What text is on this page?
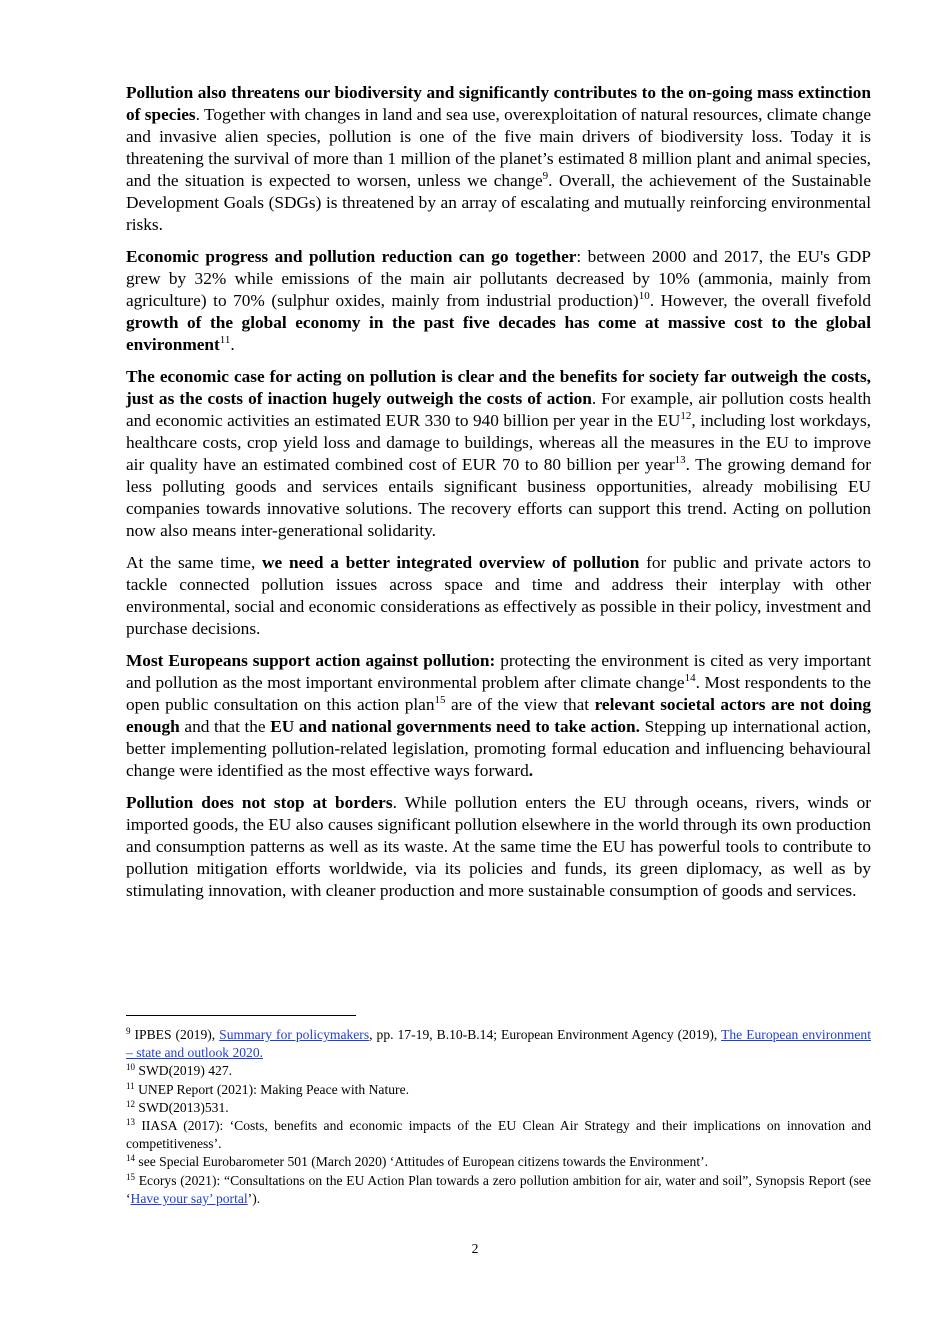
Pollution also threatens our biodiversity and significantly contributes to the on-going mass extinction of species. Together with changes in land and sea use, overexploitation of natural resources, climate change and invasive alien species, pollution is one of the five main drivers of biodiversity loss. Today it is threatening the survival of more than 1 million of the planet’s estimated 8 million plant and animal species, and the situation is expected to worsen, unless we change$^9$. Overall, the achievement of the Sustainable Development Goals (SDGs) is threatened by an array of escalating and mutually reinforcing environmental risks.

Economic progress and pollution reduction can go together: between 2000 and 2017, the EU's GDP grew by 32% while emissions of the main air pollutants decreased by 10% (ammonia, mainly from agriculture) to 70% (sulphur oxides, mainly from industrial production)$^{10}$. However, the overall fivefold growth of the global economy in the past five decades has come at massive cost to the global environment$^{11}$.

The economic case for acting on pollution is clear and the benefits for society far outweigh the costs, just as the costs of inaction hugely outweigh the costs of action. For example, air pollution costs health and economic activities an estimated EUR 330 to 940 billion per year in the EU$^{12}$, including lost workdays, healthcare costs, crop yield loss and damage to buildings, whereas all the measures in the EU to improve air quality have an estimated combined cost of EUR 70 to 80 billion per year$^{13}$. The growing demand for less polluting goods and services entails significant business opportunities, already mobilising EU companies towards innovative solutions. The recovery efforts can support this trend. Acting on pollution now also means inter-generational solidarity.

At the same time, we need a better integrated overview of pollution for public and private actors to tackle connected pollution issues across space and time and address their interplay with other environmental, social and economic considerations as effectively as possible in their policy, investment and purchase decisions.

Most Europeans support action against pollution: protecting the environment is cited as very important and pollution as the most important environmental problem after climate change$^{14}$. Most respondents to the open public consultation on this action plan$^{15}$ are of the view that relevant societal actors are not doing enough and that the EU and national governments need to take action. Stepping up international action, better implementing pollution-related legislation, promoting formal education and influencing behavioural change were identified as the most effective ways forward.

Pollution does not stop at borders. While pollution enters the EU through oceans, rivers, winds or imported goods, the EU also causes significant pollution elsewhere in the world through its own production and consumption patterns as well as its waste. At the same time the EU has powerful tools to contribute to pollution mitigation efforts worldwide, via its policies and funds, its green diplomacy, as well as by stimulating innovation, with cleaner production and more sustainable consumption of goods and services.

$^9$ IPBES (2019), Summary for policymakers, pp. 17-19, B.10-B.14; European Environment Agency (2019), The European environment – state and outlook 2020.

$^{10}$ SWD(2019) 427.

$^{11}$ UNEP Report (2021): Making Peace with Nature.

$^{12}$ SWD(2013)531.

$^{13}$ IIASA (2017): ‘Costs, benefits and economic impacts of the EU Clean Air Strategy and their implications on innovation and competitiveness’.

$^{14}$ see Special Eurobarometer 501 (March 2020) ‘Attitudes of European citizens towards the Environment’.

$^{15}$ Ecorys (2021): “Consultations on the EU Action Plan towards a zero pollution ambition for air, water and soil”, Synopsis Report (see ‘Have your say’ portal’).

2
